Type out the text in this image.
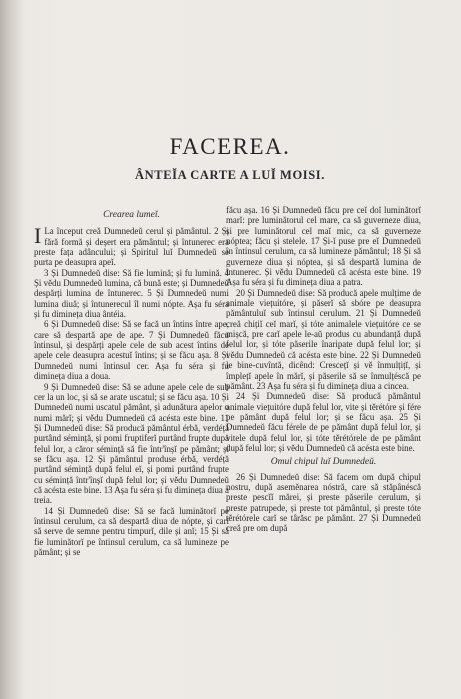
FACEREA.
ÂNTEĬA CARTE A LUĬ MOISI.
Crearea lumeĭ.

I La început creă Dumnedeŭ cerul și pământul. 2 Și fără formă și deșert era pământul; și întunerec era preste fața adâncului; și Spiritul luĭ Dumnedeŭ se purta pe deasupra apeĭ.

3 Și Dumnedeŭ dise: Să fie lumină; și fu lumină. 4 Și vědu Dumnedeŭ lumina, că bună este; și Dumnedeŭ despărți lumina de întunerec. 5 Și Dumnedeŭ numi lumina diuă; și întunerecul îl numi nópte. Așa fu séra și fu dimineța diua ântéia.

6 Și Dumnedeŭ dise: Să se facă un întins între ape, care să despartă ape de ape. 7 Și Dumnedeŭ făcu întinsul, și despărți apele cele de sub acest întins de apele cele deasupra acestuĭ întins; și se făcu așa. 8 Și Dumnedeŭ numi întinsul cer. Așa fu séra și fu dimineța diua a doua.

9 Și Dumnedeŭ dise: Să se adune apele cele de sub cer la un loc, și să se arate uscatul; și se făcu așa. 10 Și Dumnedeŭ numi uscatul pământ, și adunătura apelor o numi mărĭ; și vědu Dumnedeŭ că acésta este bine. 11 Și Dumnedeŭ dise: Să producă pământul érbă, verdéță purtând sémință, și pomi fruptiferĭ purtând frupte după felul lor, a căror sémință să fie într'înșĭ pe pământ; și se făcu așa. 12 Și pământul produse érbă, verdéță purtând sémință după felul eĭ, și pomi purtând frupte cu sémință într'înșĭ după felul lor; și vědu Dumnedeŭ că acésta este bine. 13 Așa fu séra și fu dimineța diua a treia.

14 Și Dumnedeŭ dise: Să se facă luminătorĭ pe întinsul cerulum, ca să despartă diua de nópte, și carĭ să serve de semne pentru timpurĭ, dile și anĭ; 15 Și să fie luminătorĭ pe întinsul cerulum, ca să lumineze pe pământ; și se

făcu așa. 16 Și Dumnedeŭ făcu pre ceĭ doĭ luminătorĭ marĭ: pre luminătorul cel mare, ca să guverneze diua, și pre luminătorul cel maĭ mic, ca să guverneze nóptea; făcu și stelele. 17 Și-ĭ puse pre eĭ Dumnedeŭ în întinsul cerulum, ca să lumineze pământul; 18 Și să guverneze diua și nóptea, și să despartă lumina de întunerec. Și vědu Dumnedeŭ că acésta este bine. 19 Așa fu séra și fu dimineța diua a patra.

20 Și Dumnedeŭ dise: Să producă apele mulțime de animale viețuitóre, și păserĭ să sbóre pe deasupra pământuluĭ sub întinsul cerulum. 21 Și Dumnedeŭ creă chițiĭ ceĭ marĭ, și tóte animalele viețuitóre ce se mișcă, pre carĭ apele le-aŭ produs cu abundanță după felul lor, și tóte păserile înaripate după felul lor; și vědu Dumnedeŭ că acésta este bine. 22 Și Dumnedeŭ le bine-cuvîntă, dicênd: Crescețĭ și vě înmulțițĭ, și împlețĭ apele în mărĭ, și păserile să se înmulțéscă pe pământ. 23 Așa fu séra și fu dimineța diua a cincea.

24 Și Dumnedeŭ dise: Să producă pământul animale viețuitóre după felul lor, vite și těrétóre și fére pe pământ după felul lor; și se făcu așa. 25 Și Dumnedeŭ făcu férele de pe pământ după felul lor, și vitele după felul lor, și tóte těrétórele de pe pământ după felul lor; și vědu Dumnedeŭ că acésta este bine.

Omul chipul luĭ Dumnedeŭ.

26 Și Dumnedeŭ dise: Să facem om după chipul nostru, după asemĕnarea nóstră, care să stăpânéscă preste pescĭĭ mărei, și preste păserile cerulum, și preste patrupede, și preste tot pământul, și preste tóte těrétórele carĭ se târăsc pe pământ. 27 Și Dumnedeŭ creă pre om după
